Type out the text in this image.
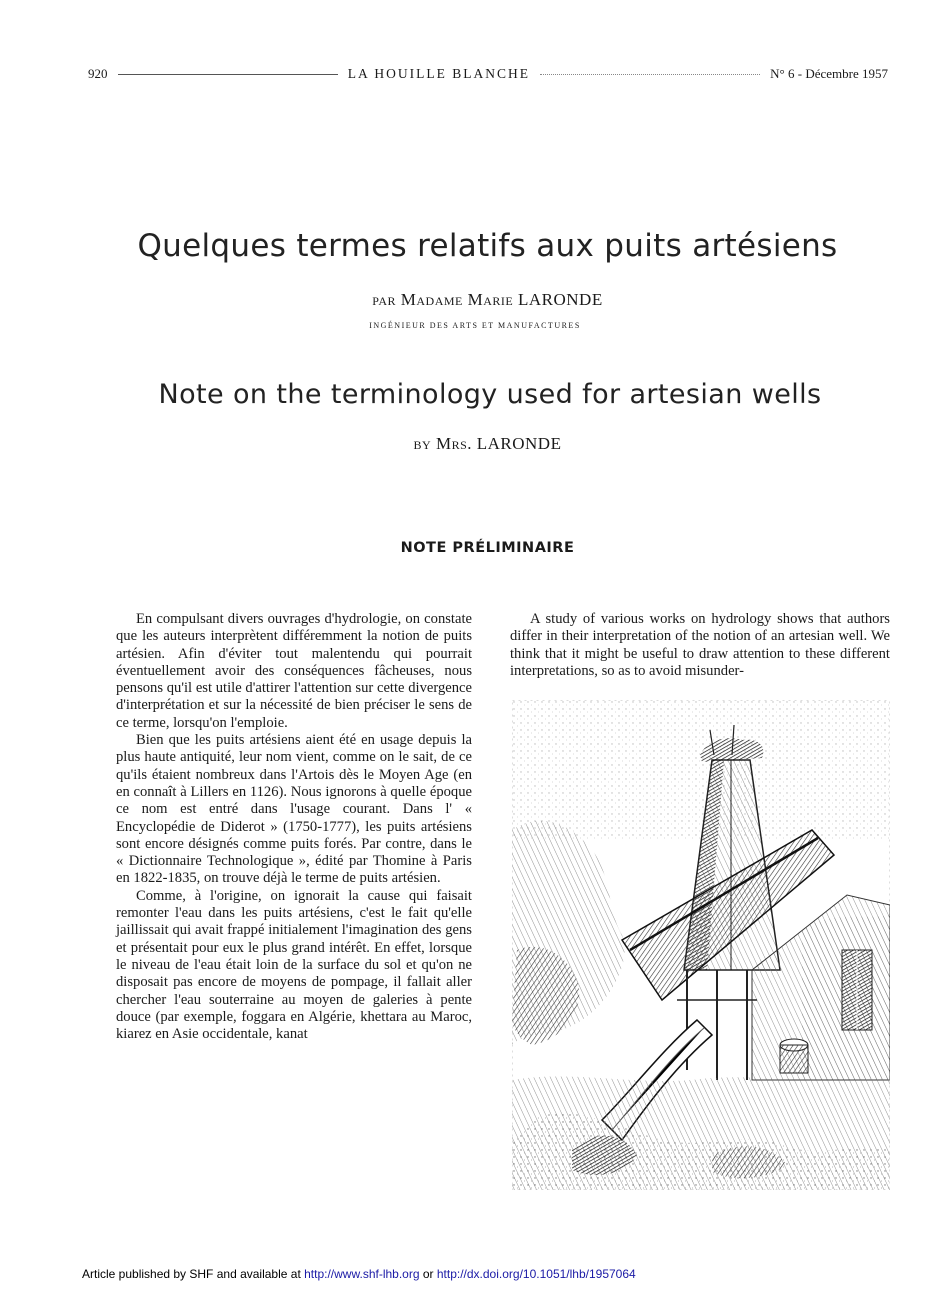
920	LA HOUILLE BLANCHE	N° 6 - Décembre 1957
Quelques termes relatifs aux puits artésiens
par Madame Marie LARONDE
INGÉNIEUR DES ARTS ET MANUFACTURES
Note on the terminology used for artesian wells
by Mrs. LARONDE
NOTE PRÉLIMINAIRE

En compulsant divers ouvrages d'hydrologie, on constate que les auteurs interprètent différemment la notion de puits artésien. Afin d'éviter tout malentendu qui pourrait éventuellement avoir des conséquences fâcheuses, nous pensons qu'il est utile d'attirer l'attention sur cette divergence d'interprétation et sur la nécessité de bien préciser le sens de ce terme, lorsqu'on l'emploie.

Bien que les puits artésiens aient été en usage depuis la plus haute antiquité, leur nom vient, comme on le sait, de ce qu'ils étaient nombreux dans l'Artois dès le Moyen Age (en en connaît à Lillers en 1126). Nous ignorons à quelle époque ce nom est entré dans l'usage courant. Dans l' « Encyclopédie de Diderot » (1750-1777), les puits artésiens sont encore désignés comme puits forés. Par contre, dans le « Dictionnaire Technologique », édité par Thomine à Paris en 1822-1835, on trouve déjà le terme de puits artésien.

Comme, à l'origine, on ignorait la cause qui faisait remonter l'eau dans les puits artésiens, c'est le fait qu'elle jaillissait qui avait frappé initialement l'imagination des gens et présentait pour eux le plus grand intérêt. En effet, lorsque le niveau de l'eau était loin de la surface du sol et qu'on ne disposait pas encore de moyens de pompage, il fallait aller chercher l'eau souterraine au moyen de galeries à pente douce (par exemple, foggara en Algérie, khettara au Maroc, kiarez en Asie occidentale, kanat

A study of various works on hydrology shows that authors differ in their interpretation of the notion of an artesian well. We think that it might be useful to draw attention to these different interpretations, so as to avoid misunder-

Article published by SHF and available at http://www.shf-lhb.org or http://dx.doi.org/10.1051/lhb/1957064
